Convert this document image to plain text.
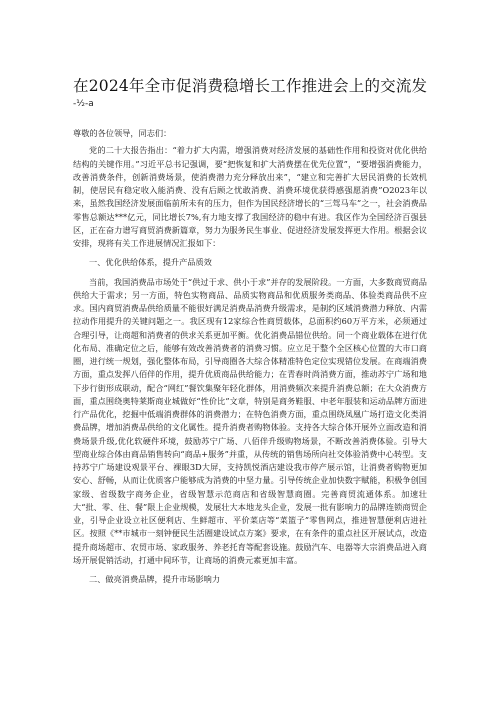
在2024年全市促消费稳增长工作推进会上的交流发
-½-a

尊敬的各位领导，同志们：

党的二十大报告指出：“着力扩大内需，增强消费对经济发展的基础性作用和投资对优化供给结构的关键作用。”习近平总书记强调，要“把恢复和扩大消费摆在优先位置”，“要增强消费能力，改善消费条件，创新消费场景，使消费潜力充分释放出来”，“建立和完善扩大居民消费的长效机制，使居民有稳定收入能消费、没有后顾之忧敢消费、消费环境优获得感强愿消费”O2023年以来，虽然我国经济发展面临前所未有的压力，但作为国民经济增长的“三驾马车”之一，社会消费品零售总额达***亿元，同比增长7%,有力地支撑了我国经济的稳中有进。我区作为全国经济百强县区，正在奋力谱写商贸消费新篇章，努力为服务民生事业、促进经济发展发挥更大作用。根据会议安排，现将有关工作进展情况汇报如下：

一、优化供给体系，提升产品质效

当前，我国消费品市场处于“供过于求、供小于求”并存的发展阶段。一方面，大多数商贸商品供给大于需求；另一方面，特色实物商品、品质实物商品和优质服务类商品、体验类商品供不应求。国内商贸消费品供给质量不能很好满足消费品消费升级需求，是制约区域消费潜力释放、内需拉动作用提升的关键问题之一。我区现有12家综合性商贸载体，总面积约60万平方米，必须通过合理引导，让商超和消费者的供求关系更加平衡。优化消费品错位供给。同一个商业载体在进行优化布局、准确定位之后，能够有效改善消费者的消费习惯。应立足于整个全区核心位置的大市口商圈，进行统一规划，强化整体布局，引导商圈各大综合体精准特色定位实现错位发展。在商端消费方面，重点发挥八佰伴的作用，提升优质商品供给能力；在青春时尚消费方面，推动苏宁广场和地下步行街形成联动，配合“网红”餐饮集聚年轻化群体，用消费频次来提升消费总额；在大众消费方面，重点围绕奥特莱斯商业城做好“性价比”文章，特别是商务鞋服、中老年服装和运动品牌方面进行产品优化，挖掘中低端消费群体的消费潜力；在特色消费方面，重点围绕凤凰广场打造文化类消费品牌，增加消费品供给的文化属性。提升消费者购物体验。支持各大综合体开展外立面改造和消费场景升级,优化软硬件环境，鼓励苏宁广场、八佰伴升级购物场景，不断改善消费体验。引导大型商业综合体由商品销售转向“商品+服务”并重，从传统的销售场所向社交体验消费中心转型。支持苏宁广场建设观景平台、裸眼3D大屏，支持凯悦酒店建设我市停产展示馆，让消费者购物更加安心、舒畅，从而让优质客户能够成为消费的中坚力量。引导传统企业加快数字赋能，积极争创国家级、省级数字商务企业，省级智慧示范商店和省级智慧商圈。完善商贸流通体系。加速壮大“批、零、住、餐”限上企业规模，发展壮大本地龙头企业，发展一批有影响力的品牌连锁商贸企业，引导企业设立社区便利店、生鲜超市、平价菜店等“菜篮子”零售网点，推进智慧便利店进社区。按照《**市城市一刻钟便民生活圈建设试点方案》要求，在有条件的重点社区开展试点，改造提升商场超市、农贸市场、家政服务、养老托育等配套设施。鼓励汽车、电器等大宗消费品进入商场开展促销活动，打通中间环节，让商场的消费元素更加丰富。

二、做亮消费品牌，提升市场影响力
